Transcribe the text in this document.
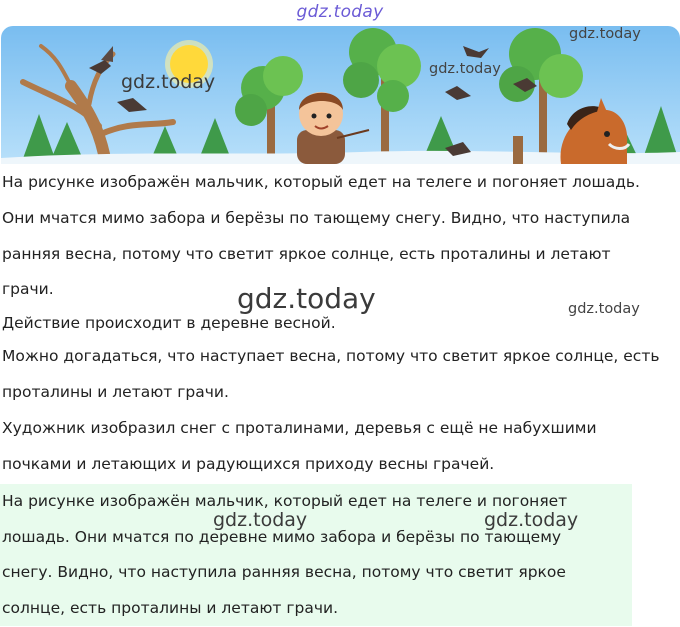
gdz.today
gdz.today
gdz.today
gdz.today

На рисунке изображён мальчик, который едет на телеге и погоняет лошадь.

Они мчатся мимо забора и берёзы по тающему снегу. Видно, что наступила

ранняя весна, потому что светит яркое солнце, есть проталины и летают

грачи.

Действие происходит в деревне весной.

Можно догадаться, что наступает весна, потому что светит яркое солнце, есть

проталины и летают грачи.

Художник изобразил снег с проталинами, деревья с ещё не набухшими

почками и летающих и радующихся приходу весны грачей.

gdz.today	gdz.today

На рисунке изображён мальчик, который едет на телеге и погоняет

лошадь. Они мчатся по деревне мимо забора и берёзы по тающему

снегу. Видно, что наступила ранняя весна, потому что светит яркое

солнце, есть проталины и летают грачи.

gdz.today	gdz.today
